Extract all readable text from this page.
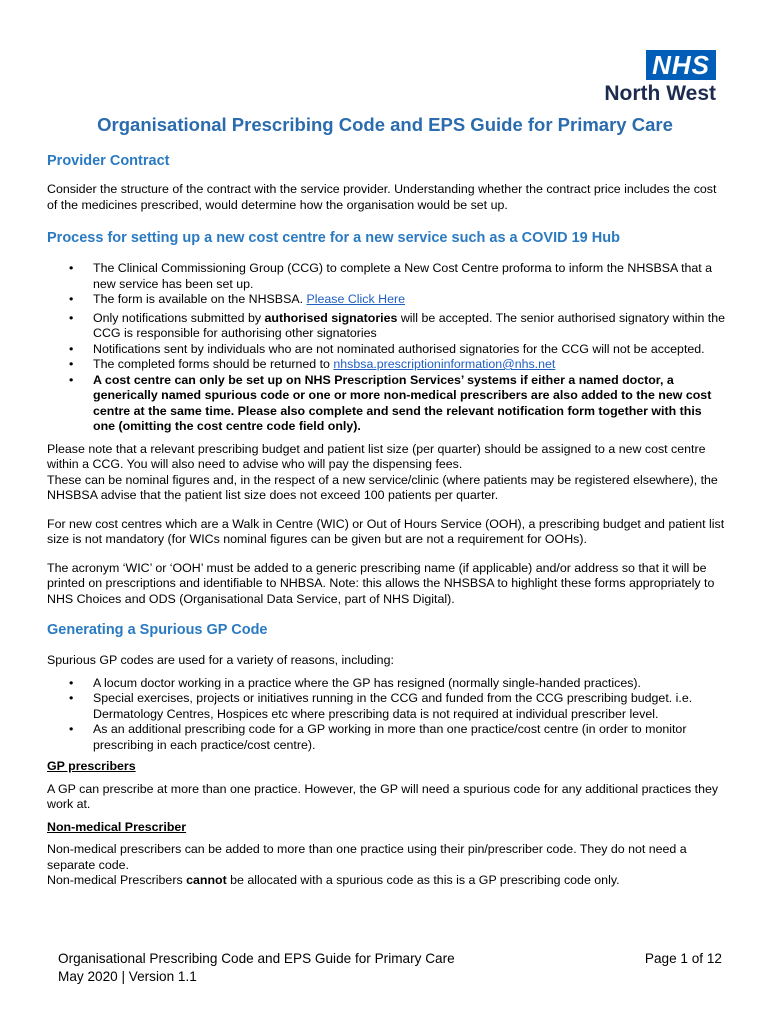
NHS
North West
Organisational Prescribing Code and EPS Guide for Primary Care
Provider Contract

Consider the structure of the contract with the service provider. Understanding whether the contract price includes the cost of the medicines prescribed, would determine how the organisation would be set up.

Process for setting up a new cost centre for a new service such as a COVID 19 Hub
• The Clinical Commissioning Group (CCG) to complete a New Cost Centre proforma to inform the NHSBSA that a new service has been set up.
• The form is available on the NHSBSA. Please Click Here
• Only notifications submitted by authorised signatories will be accepted. The senior authorised signatory within the CCG is responsible for authorising other signatories
• Notifications sent by individuals who are not nominated authorised signatories for the CCG will not be accepted.
• The completed forms should be returned to nhsbsa.prescriptioninformation@nhs.net
• A cost centre can only be set up on NHS Prescription Services’ systems if either a named doctor, a generically named spurious code or one or more non-medical prescribers are also added to the new cost centre at the same time. Please also complete and send the relevant notification form together with this one (omitting the cost centre code field only).

Please note that a relevant prescribing budget and patient list size (per quarter) should be assigned to a new cost centre within a CCG. You will also need to advise who will pay the dispensing fees.
These can be nominal figures and, in the respect of a new service/clinic (where patients may be registered elsewhere), the NHSBSA advise that the patient list size does not exceed 100 patients per quarter.

For new cost centres which are a Walk in Centre (WIC) or Out of Hours Service (OOH), a prescribing budget and patient list size is not mandatory (for WICs nominal figures can be given but are not a requirement for OOHs).

The acronym ‘WIC’ or ‘OOH’ must be added to a generic prescribing name (if applicable) and/or address so that it will be printed on prescriptions and identifiable to NHBSA. Note: this allows the NHSBSA to highlight these forms appropriately to NHS Choices and ODS (Organisational Data Service, part of NHS Digital).

Generating a Spurious GP Code

Spurious GP codes are used for a variety of reasons, including:

• A locum doctor working in a practice where the GP has resigned (normally single-handed practices).
• Special exercises, projects or initiatives running in the CCG and funded from the CCG prescribing budget. i.e. Dermatology Centres, Hospices etc where prescribing data is not required at individual prescriber level.
• As an additional prescribing code for a GP working in more than one practice/cost centre (in order to monitor prescribing in each practice/cost centre).

GP prescribers

A GP can prescribe at more than one practice. However, the GP will need a spurious code for any additional practices they work at.

Non-medical Prescriber

Non-medical prescribers can be added to more than one practice using their pin/prescriber code. They do not need a separate code.
Non-medical Prescribers cannot be allocated with a spurious code as this is a GP prescribing code only.

Organisational Prescribing Code and EPS Guide for Primary Care
May 2020 | Version 1.1
Page 1 of 12
